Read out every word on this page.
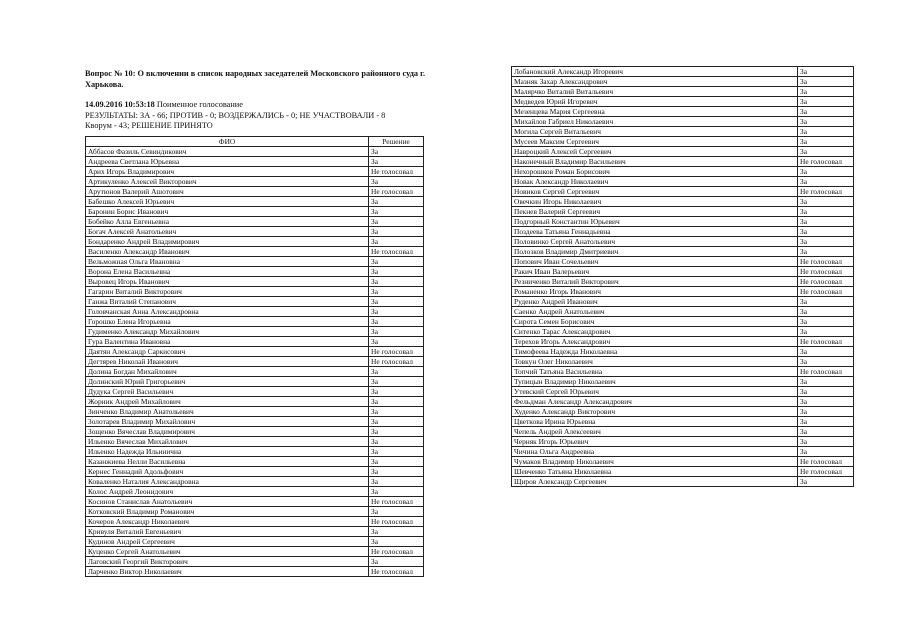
Вопрос № 10: О включении в список народных заседателей Московского районного суда г. Харькова.
14.09.2016 10:53:18 Поименное голосование
РЕЗУЛЬТАТЫ: ЗА - 66; ПРОТИВ - 0; ВОЗДЕРЖАЛИСЬ - 0; НЕ УЧАСТВОВАЛИ - 8
Кворум - 43; РЕШЕНИЕ ПРИНЯТО
ФИО	Решение
Аббасов Фазиль Севиндикович	За
Андреева Светлана Юрьевна	За
Арих Игорь Владимирович	Не голосовал
Артикуленко Алексей Викторович	За
Арутюнов Валерий Ашотович	Не голосовал
Бабешко Алексей Юрьевич	За
Баронин Борис Иванович	За
Бобейко Алла Евгеньевна	За
Богач Алексей Анатольевич	За
Бондаренко Андрей Владимирович	За
Василенко Александр Иванович	Не голосовал
Вельможная Ольга Ивановна	За
Ворона Елена Васильевна	За
Выровец Игорь Иванович	За
Гагарин Виталий Викторович	За
Ганжа Виталий Степанович	За
Головчанская Анна Александровна	За
Горошко Елена Игорьевна	За
Гудименко Александр Михайлович	За
Гура Валентина Ивановна	За
Даятян Александр Саркисович	Не голосовал
Дегтярев Николай Иванович	Не голосовал
Долина Богдан Михайлович	За
Долинский Юрий Григорьевич	За
Дудука Сергей Васильевич	За
Жорник Андрей Михайлович	За
Зинченко Владимир Анатольевич	За
Золотарев Владимир Михайлович	За
Зощенко Вячеслав Владимирович	За
Ильенко Вячеслав Михайлович	За
Ильенко Надежда Ильинична	За
Казанжиева Нелли Васильевна	За
Кернес Геннадий Адольфович	За
Коваленко Наталия Александровна	За
Колос Андрей Леонидович	За
Косинов Станислав Анатольевич	Не голосовал
Котковский Владимир Романович	За
Кочеров Александр Николаевич	Не голосовал
Кривуля Виталий Евгеньевич	За
Кудинов Андрей Сергеевич	За
Куценко Сергей Анатольевич	Не голосовал
Лаговский Георгий Викторович	За
Ларченко Виктор Николаевич	Не голосовал
Лобановский Александр Игоревич	За
Мазняк Захар Александрович	За
Малярчко Виталий Витальевич	За
Медведев Юрий Игоревич	За
Мезенцева Мария Сергеевна	За
Михайлов Габриел Николаевич	За
Могила Сергей Витальевич	За
Мусеев Максим Сергеевич	За
Навроцкий Алексей Сергеевич	За
Наконечный Владимир Васильевич	Не голосовал
Нехорошков Роман Борисович	За
Новак Александр Николаевич	За
Новиков Сергей Сергеевич	Не голосовал
Овечкин Игорь Николаевич	За
Пекнев Валерий Сергеевич	За
Подгорный Константин Юрьевич	За
Поздеева Татьяна Геннадьевна	За
Половинко Сергей Анатольевич	За
Полозков Владимир Дмитриевич	За
Попович Иван Сочельевич	Не голосовал
Ракич Иван Валерьевич	Не голосовал
Резниченко Виталий Викторович	Не голосовал
Романенко Игорь Иванович	Не голосовал
Руденко Андрей Иванович	За
Саенко Андрей Анатольевич	За
Сирота Семен Борисович	За
Ситенко Тарас Александрович	За
Терехов Игорь Александрович	Не голосовал
Тимофеева Надежда Николаевна	За
Товкун Олег Николаевич	За
Топчий Татьяна Васильевна	Не голосовал
Тупицын Владимир Николаевич	За
Утевский Сергей Юрьевич	За
Фельдман Александр Александрович	За
Худенко Александр Викторович	За
Цветкова Ирина Юрьевна	За
Чепель Андрей Алексеевич	За
Черняк Игорь Юрьевич	За
Чичина Ольга Андреевна	За
Чумаков Владимир Николаевич	Не голосовал
Шевченко Татьяна Николаевна	Не голосовал
Щиров Александр Сергеевич	За
